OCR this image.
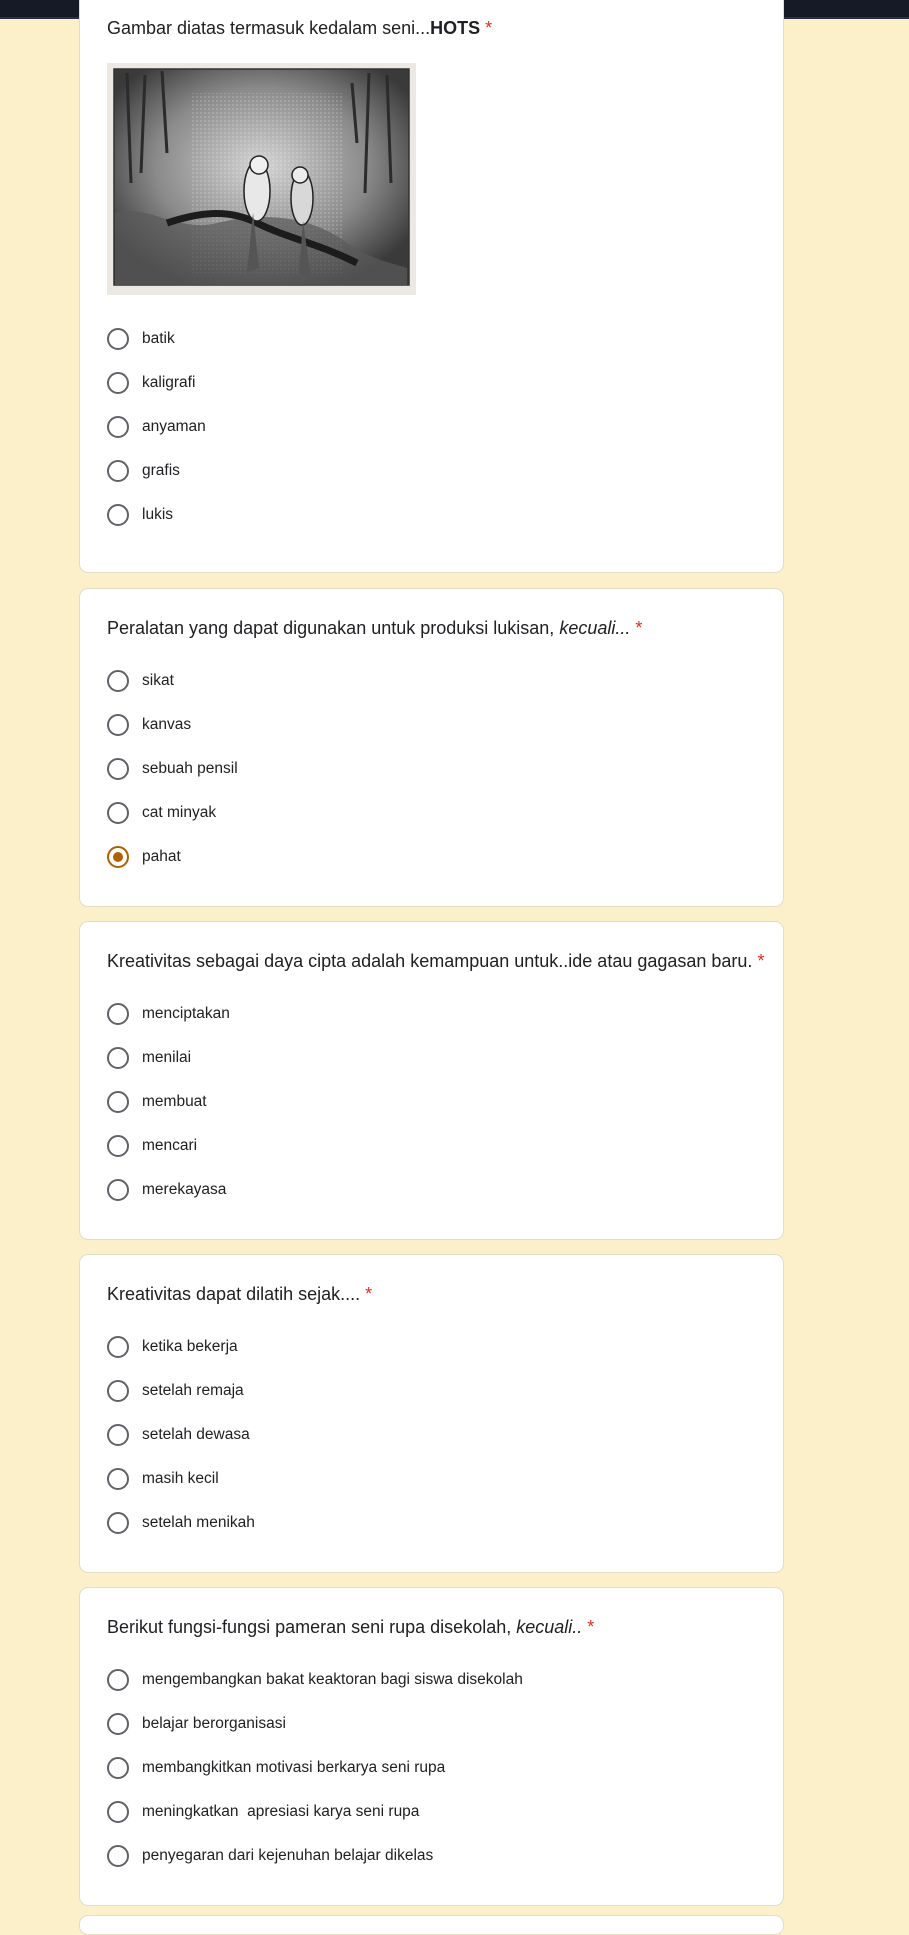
Gambar diatas termasuk kedalam seni...HOTS *
batik
kaligrafi
anyaman
grafis
lukis
Peralatan yang dapat digunakan untuk produksi lukisan, kecuali... *
sikat
kanvas
sebuah pensil
cat minyak
pahat
Kreativitas sebagai daya cipta adalah kemampuan untuk..ide atau gagasan baru. *
menciptakan
menilai
membuat
mencari
merekayasa
Kreativitas dapat dilatih sejak.... *
ketika bekerja
setelah remaja
setelah dewasa
masih kecil
setelah menikah
Berikut fungsi-fungsi pameran seni rupa disekolah, kecuali.. *
mengembangkan bakat keaktoran bagi siswa disekolah
belajar berorganisasi
membangkitkan motivasi berkarya seni rupa
meningkatkan  apresiasi karya seni rupa
penyegaran dari kejenuhan belajar dikelas
